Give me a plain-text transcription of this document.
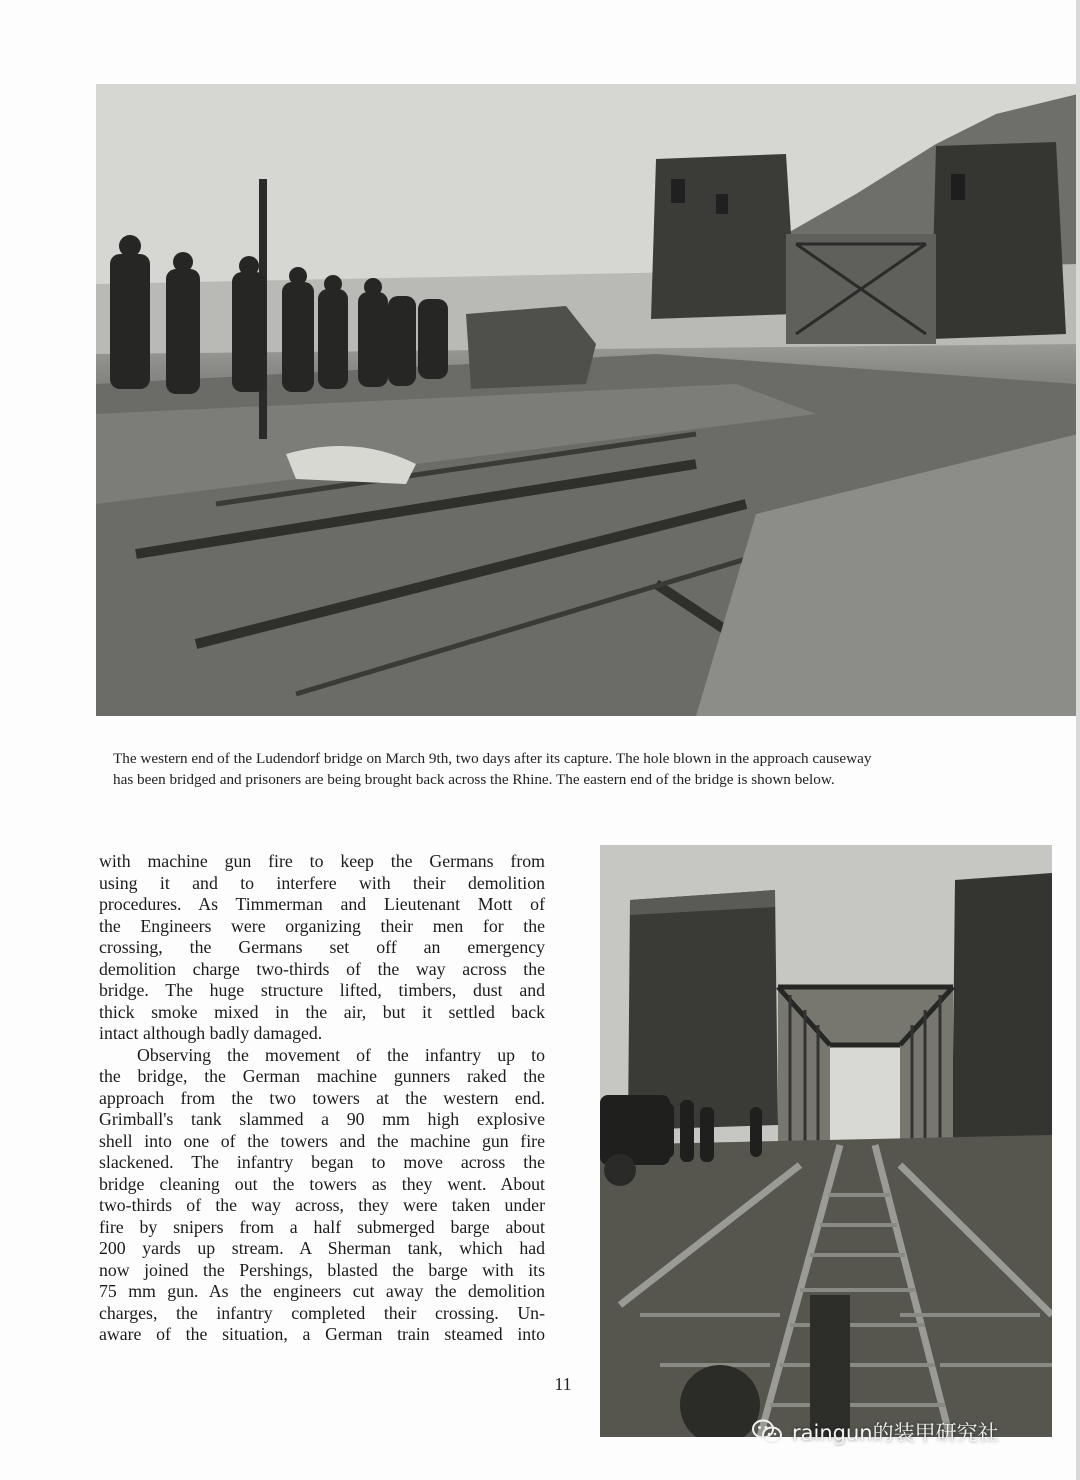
The western end of the Ludendorf bridge on March 9th, two days after its capture. The hole blown in the approach causeway
has been bridged and prisoners are being brought back across the Rhine. The eastern end of the bridge is shown below.
with machine gun fire to keep the Germans from
using it and to interfere with their demolition
procedures. As Timmerman and Lieutenant Mott of
the Engineers were organizing their men for the
crossing, the Germans set off an emergency
demolition charge two-thirds of the way across the
bridge. The huge structure lifted, timbers, dust and
thick smoke mixed in the air, but it settled back
intact although badly damaged.
Observing the movement of the infantry up to
the bridge, the German machine gunners raked the
approach from the two towers at the western end.
Grimball's tank slammed a 90 mm high explosive
shell into one of the towers and the machine gun fire
slackened. The infantry began to move across the
bridge cleaning out the towers as they went. About
two-thirds of the way across, they were taken under
fire by snipers from a half submerged barge about
200 yards up stream. A Sherman tank, which had
now joined the Pershings, blasted the barge with its
75 mm gun. As the engineers cut away the demolition
charges, the infantry completed their crossing. Un-
aware of the situation, a German train steamed into
11
raingun的装甲研究社
